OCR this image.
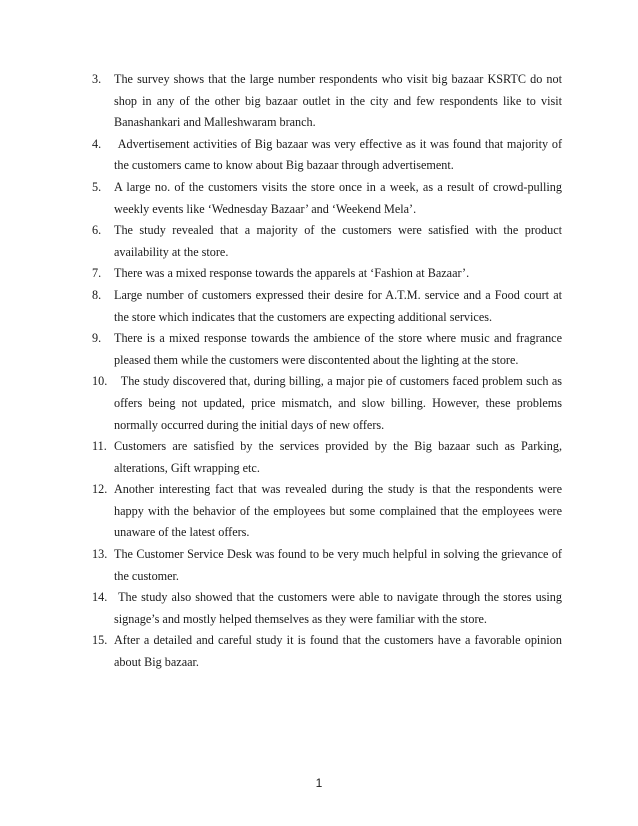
3.	The survey shows that the large number respondents who visit big bazaar KSRTC do not shop in any of the other big bazaar outlet in the city and few respondents like to visit Banashankari and Malleshwaram branch.
4.	Advertisement activities of Big bazaar was very effective as it was found that majority of the customers came to know about Big bazaar through advertisement.
5.	A large no. of the customers visits the store once in a week, as a result of crowd-pulling weekly events like ‘Wednesday Bazaar’ and ‘Weekend Mela’.
6.	The study revealed that a majority of the customers were satisfied with the product availability at the store.
7.	There was a mixed response towards the apparels at ‘Fashion at Bazaar’.
8.	Large number of customers expressed their desire for A.T.M. service and a Food court at the store which indicates that the customers are expecting additional services.
9.	There is a mixed response towards the ambience of the store where music and fragrance pleased them while the customers were discontented about the lighting at the store.
10. The study discovered that, during billing, a major pie of customers faced problem such as offers being not updated, price mismatch, and slow billing. However, these problems normally occurred during the initial days of new offers.
11. Customers are satisfied by the services provided by the Big bazaar such as Parking, alterations, Gift wrapping etc.
12. Another interesting fact that was revealed during the study is that the respondents were happy with the behavior of the employees but some complained that the employees were unaware of the latest offers.
13. The Customer Service Desk was found to be very much helpful in solving the grievance of the customer.
14. The study also showed that the customers were able to navigate through the stores using signage’s and mostly helped themselves as they were familiar with the store.
15. After a detailed and careful study it is found that the customers have a favorable opinion about Big bazaar.
1
